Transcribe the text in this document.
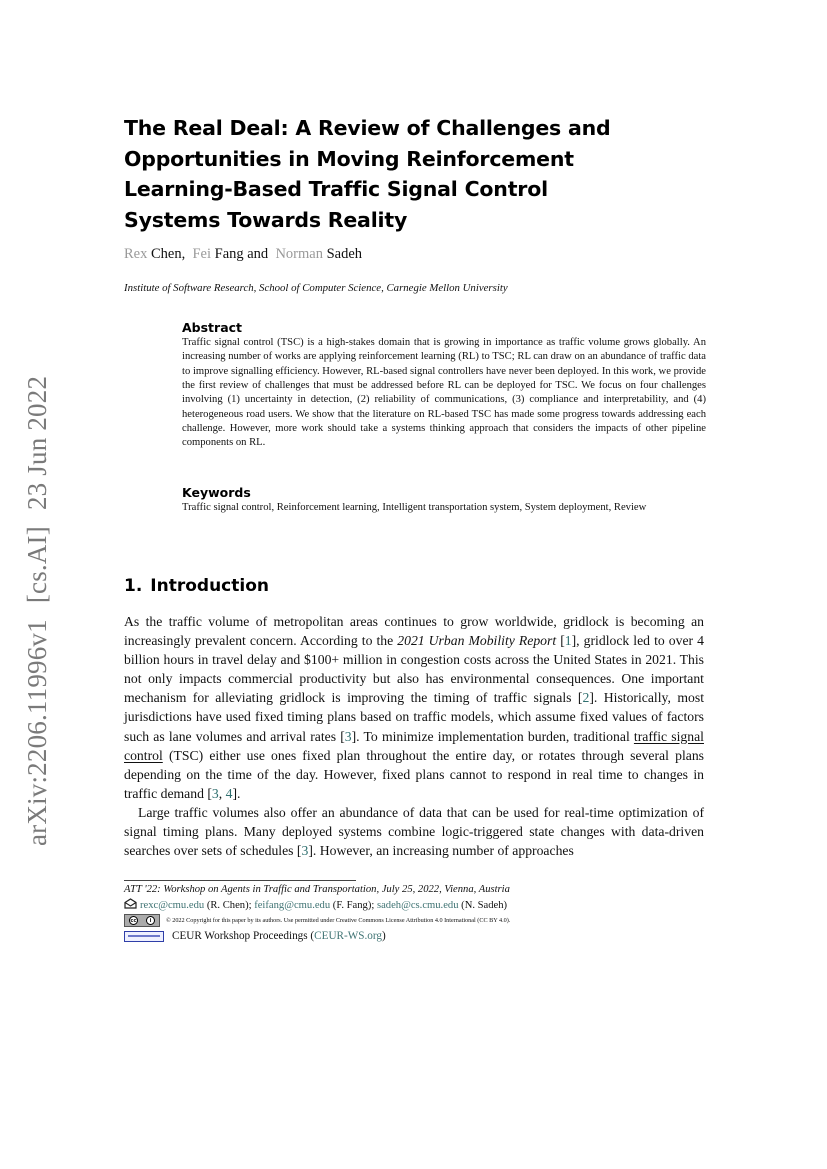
arXiv:2206.11996v1[cs.AI]23 Jun 2022
The Real Deal: A Review of Challenges and Opportunities in Moving Reinforcement Learning-Based Traffic Signal Control Systems Towards Reality
Rex Chen,  Fei Fang and  Norman Sadeh
Institute of Software Research, School of Computer Science, Carnegie Mellon University
Abstract

Traffic signal control (TSC) is a high-stakes domain that is growing in importance as traffic volume grows globally. An increasing number of works are applying reinforcement learning (RL) to TSC; RL can draw on an abundance of traffic data to improve signalling efficiency. However, RL-based signal controllers have never been deployed. In this work, we provide the first review of challenges that must be addressed before RL can be deployed for TSC. We focus on four challenges involving (1) uncertainty in detection, (2) reliability of communications, (3) compliance and interpretability, and (4) heterogeneous road users. We show that the literature on RL-based TSC has made some progress towards addressing each challenge. However, more work should take a systems thinking approach that considers the impacts of other pipeline components on RL.

Keywords

Traffic signal control, Reinforcement learning, Intelligent transportation system, System deployment, Review

1. Introduction

As the traffic volume of metropolitan areas continues to grow worldwide, gridlock is becoming an increasingly prevalent concern. According to the 2021 Urban Mobility Report [1], gridlock led to over 4 billion hours in travel delay and $100+ million in congestion costs across the United States in 2021. This not only impacts commercial productivity but also has environmental consequences. One important mechanism for alleviating gridlock is improving the timing of traffic signals [2]. Historically, most jurisdictions have used fixed timing plans based on traffic models, which assume fixed values of factors such as lane volumes and arrival rates [3]. To minimize implementation burden, traditional traffic signal control (TSC) either use ones fixed plan throughout the entire day, or rotates through several plans depending on the time of the day. However, fixed plans cannot to respond in real time to changes in traffic demand [3, 4].

Large traffic volumes also offer an abundance of data that can be used for real-time optimization of signal timing plans. Many deployed systems combine logic-triggered state changes with data-driven searches over sets of schedules [3]. However, an increasing number of approaches

ATT '22: Workshop on Agents in Traffic and Transportation, July 25, 2022, Vienna, Austria
rexc@cmu.edu (R. Chen); feifang@cmu.edu (F. Fang); sadeh@cs.cmu.edu (N. Sadeh)
cc	i	© 2022 Copyright for this paper by its authors. Use permitted under Creative Commons License Attribution 4.0 International (CC BY 4.0).
CEUR Workshop Proceedings ( CEUR-WS.org )
